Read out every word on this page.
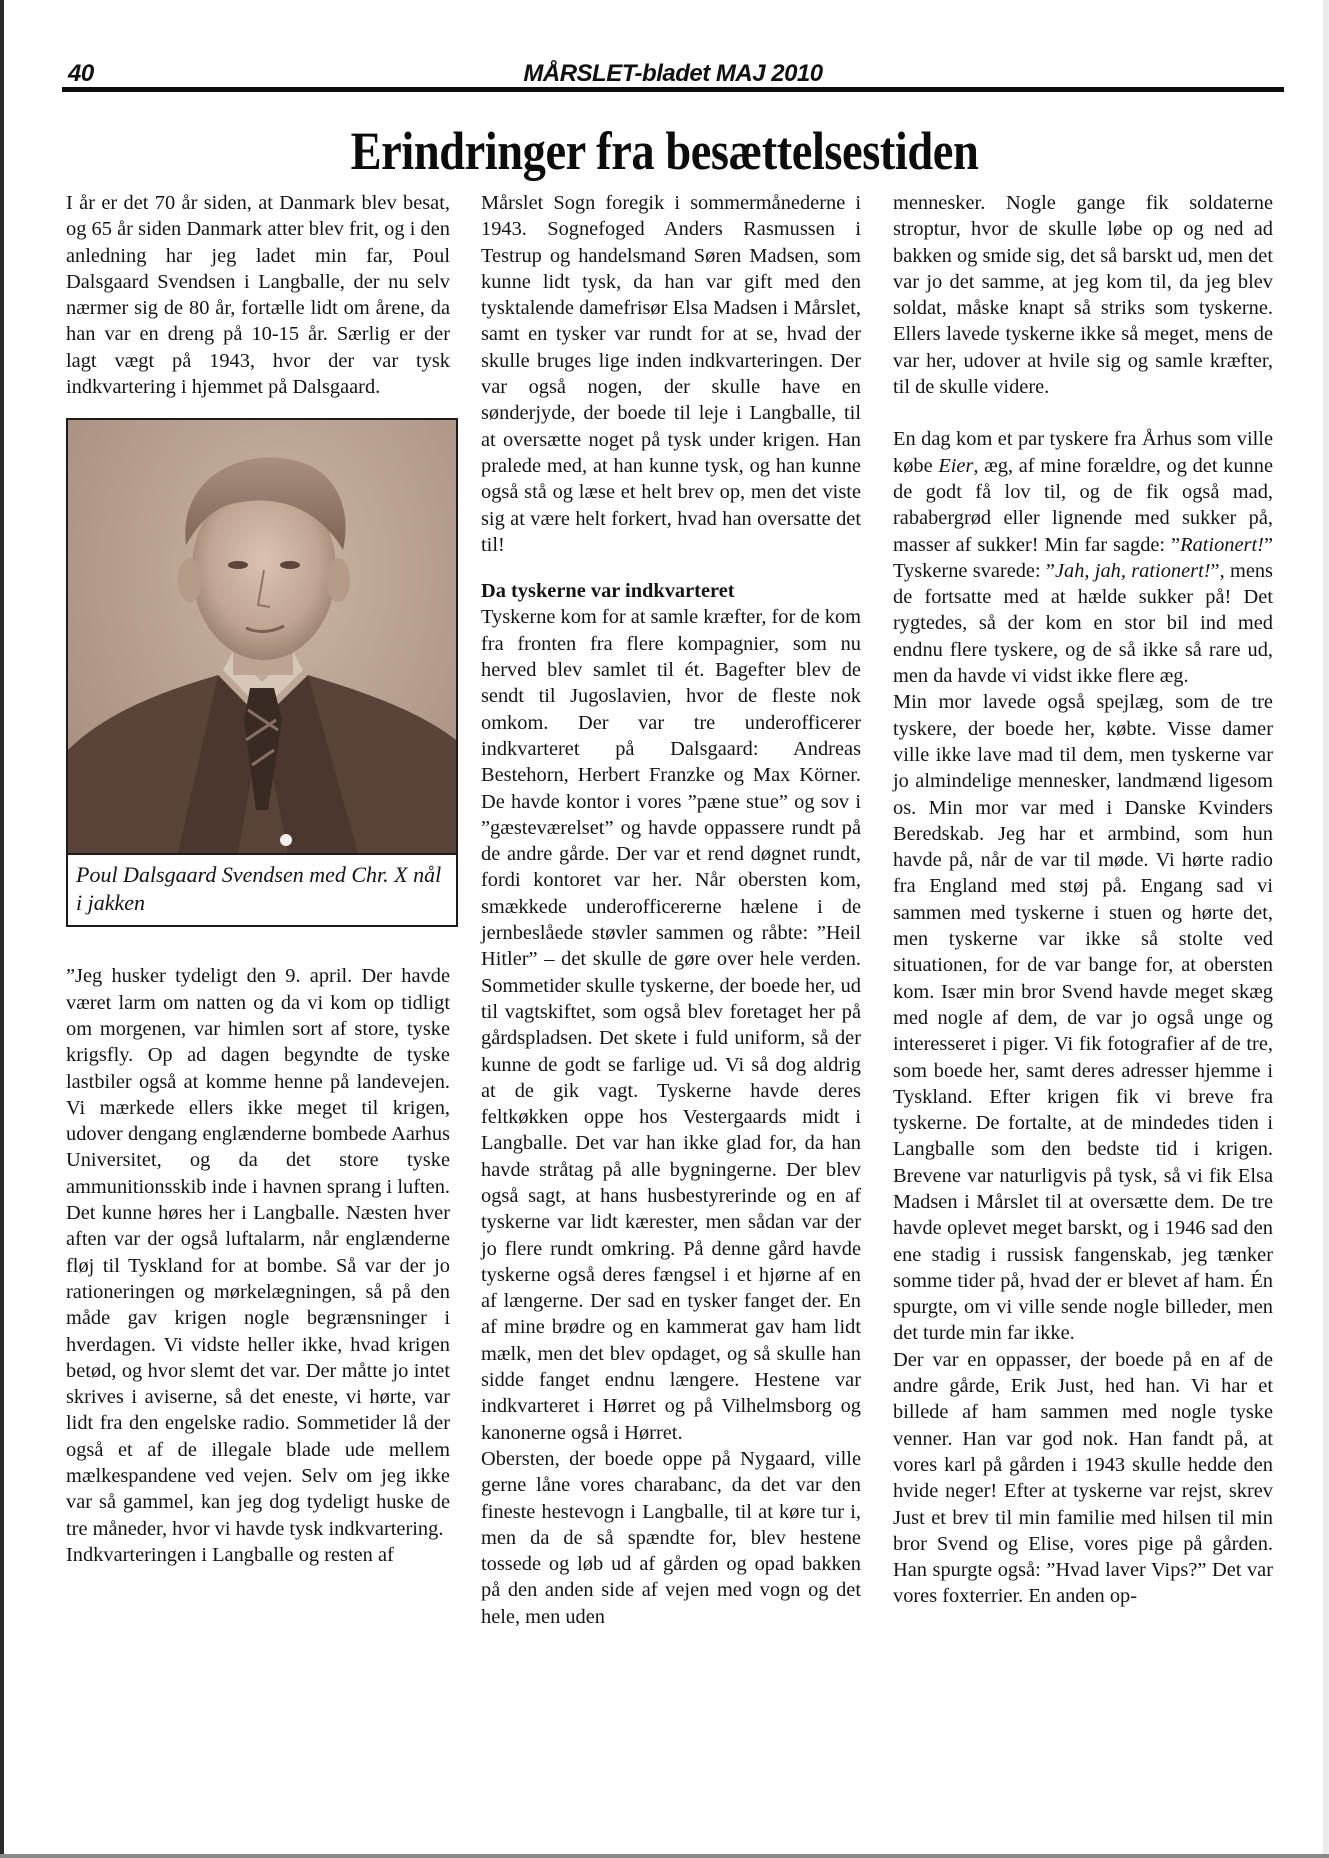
40	MÅRSLET-bladet MAJ 2010
Erindringer fra besættelsestiden

I år er det 70 år siden, at Danmark blev besat, og 65 år siden Danmark atter blev frit, og i den anledning har jeg ladet min far, Poul Dalsgaard Svendsen i Langballe, der nu selv nærmer sig de 80 år, fortælle lidt om årene, da han var en dreng på 10-15 år. Særlig er der lagt vægt på 1943, hvor der var tysk indkvartering i hjemmet på Dalsgaard.

Poul Dalsgaard Svendsen med Chr. X nål i jakken

”Jeg husker tydeligt den 9. april. Der havde været larm om natten og da vi kom op tidligt om morgenen, var himlen sort af store, tyske krigsfly. Op ad dagen begyndte de tyske lastbiler også at komme henne på landevejen. Vi mærkede ellers ikke meget til krigen, udover dengang englænderne bombede Aarhus Universitet, og da det store tyske ammunitionsskib inde i havnen sprang i luften. Det kunne høres her i Langballe. Næsten hver aften var der også luftalarm, når englænderne fløj til Tyskland for at bombe. Så var der jo rationeringen og mørkelægningen, så på den måde gav krigen nogle begrænsninger i hverdagen. Vi vidste heller ikke, hvad krigen betød, og hvor slemt det var. Der måtte jo intet skrives i aviserne, så det eneste, vi hørte, var lidt fra den engelske radio. Sommetider lå der også et af de illegale blade ude mellem mælkespandene ved vejen. Selv om jeg ikke var så gammel, kan jeg dog tydeligt huske de tre måneder, hvor vi havde tysk indkvartering.

Indkvarteringen i Langballe og resten af

Mårslet Sogn foregik i sommermånederne i 1943. Sognefoged Anders Rasmussen i Testrup og handelsmand Søren Madsen, som kunne lidt tysk, da han var gift med den tysktalende damefrisør Elsa Madsen i Mårslet, samt en tysker var rundt for at se, hvad der skulle bruges lige inden indkvarteringen. Der var også nogen, der skulle have en sønderjyde, der boede til leje i Langballe, til at oversætte noget på tysk under krigen. Han pralede med, at han kunne tysk, og han kunne også stå og læse et helt brev op, men det viste sig at være helt forkert, hvad han oversatte det til!

Da tyskerne var indkvarteret

Tyskerne kom for at samle kræfter, for de kom fra fronten fra flere kompagnier, som nu herved blev samlet til ét. Bagefter blev de sendt til Jugoslavien, hvor de fleste nok omkom. Der var tre underofficerer indkvarteret på Dalsgaard: Andreas Bestehorn, Herbert Franzke og Max Körner. De havde kontor i vores ”pæne stue” og sov i ”gæsteværelset” og havde oppassere rundt på de andre gårde. Der var et rend døgnet rundt, fordi kontoret var her. Når obersten kom, smækkede underofficererne hælene i de jernbeslåede støvler sammen og råbte: ”Heil Hitler” – det skulle de gøre over hele verden. Sommetider skulle tyskerne, der boede her, ud til vagtskiftet, som også blev foretaget her på gårdspladsen. Det skete i fuld uniform, så der kunne de godt se farlige ud. Vi så dog aldrig at de gik vagt. Tyskerne havde deres feltkøkken oppe hos Vestergaards midt i Langballe. Det var han ikke glad for, da han havde stråtag på alle bygningerne. Der blev også sagt, at hans husbestyrerinde og en af tyskerne var lidt kærester, men sådan var der jo flere rundt omkring. På denne gård havde tyskerne også deres fængsel i et hjørne af en af længerne. Der sad en tysker fanget der. En af mine brødre og en kammerat gav ham lidt mælk, men det blev opdaget, og så skulle han sidde fanget endnu længere. Hestene var indkvarteret i Hørret og på Vilhelmsborg og kanonerne også i Hørret.

Obersten, der boede oppe på Nygaard, ville gerne låne vores charabanc, da det var den fineste hestevogn i Langballe, til at køre tur i, men da de så spændte for, blev hestene tossede og løb ud af gården og opad bakken på den anden side af vejen med vogn og det hele, men uden

mennesker. Nogle gange fik soldaterne stroptur, hvor de skulle løbe op og ned ad bakken og smide sig, det så barskt ud, men det var jo det samme, at jeg kom til, da jeg blev soldat, måske knapt så striks som tyskerne. Ellers lavede tyskerne ikke så meget, mens de var her, udover at hvile sig og samle kræfter, til de skulle videre.

En dag kom et par tyskere fra Århus som ville købe Eier, æg, af mine forældre, og det kunne de godt få lov til, og de fik også mad, rababergrød eller lignende med sukker på, masser af sukker! Min far sagde: ”Rationert!” Tyskerne svarede: ”Jah, jah, rationert!”, mens de fortsatte med at hælde sukker på! Det rygtedes, så der kom en stor bil ind med endnu flere tyskere, og de så ikke så rare ud, men da havde vi vidst ikke flere æg.

Min mor lavede også spejlæg, som de tre tyskere, der boede her, købte. Visse damer ville ikke lave mad til dem, men tyskerne var jo almindelige mennesker, landmænd ligesom os. Min mor var med i Danske Kvinders Beredskab. Jeg har et armbind, som hun havde på, når de var til møde. Vi hørte radio fra England med støj på. Engang sad vi sammen med tyskerne i stuen og hørte det, men tyskerne var ikke så stolte ved situationen, for de var bange for, at obersten kom. Især min bror Svend havde meget skæg med nogle af dem, de var jo også unge og interesseret i piger. Vi fik fotografier af de tre, som boede her, samt deres adresser hjemme i Tyskland. Efter krigen fik vi breve fra tyskerne. De fortalte, at de mindedes tiden i Langballe som den bedste tid i krigen. Brevene var naturligvis på tysk, så vi fik Elsa Madsen i Mårslet til at oversætte dem. De tre havde oplevet meget barskt, og i 1946 sad den ene stadig i russisk fangenskab, jeg tænker somme tider på, hvad der er blevet af ham. Én spurgte, om vi ville sende nogle billeder, men det turde min far ikke.

Der var en oppasser, der boede på en af de andre gårde, Erik Just, hed han. Vi har et billede af ham sammen med nogle tyske venner. Han var god nok. Han fandt på, at vores karl på gården i 1943 skulle hedde den hvide neger! Efter at tyskerne var rejst, skrev Just et brev til min familie med hilsen til min bror Svend og Elise, vores pige på gården. Han spurgte også: ”Hvad laver Vips?” Det var vores foxterrier. En anden op-
